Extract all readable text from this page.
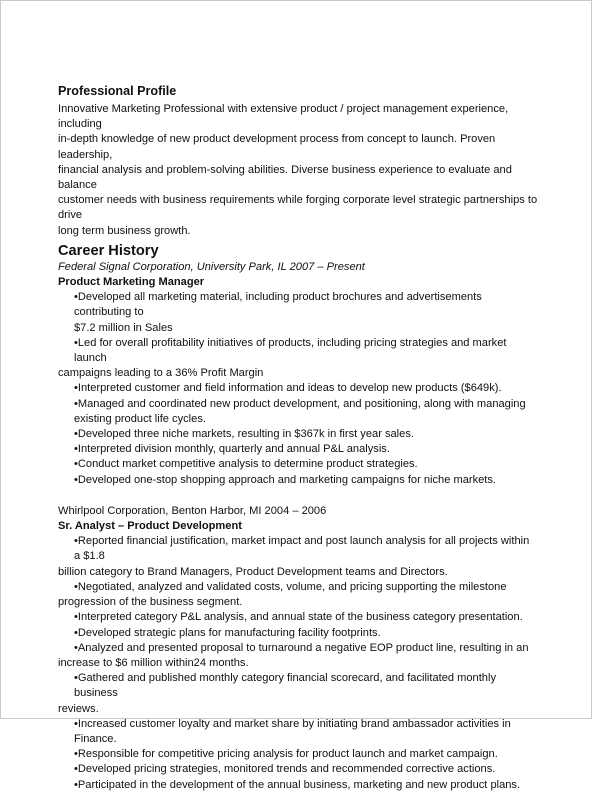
Professional Profile
Innovative Marketing Professional with extensive product / project management experience, including
in-depth knowledge of new product development process from concept to launch. Proven leadership,
financial analysis and problem-solving abilities. Diverse business experience to evaluate and balance
customer needs with business requirements while forging corporate level strategic partnerships to drive
long term business growth.
Career History
Federal Signal Corporation, University Park, IL 2007 – Present
Product Marketing Manager
•Developed all marketing material, including product brochures and advertisements contributing to
$7.2 million in Sales
•Led for overall profitability initiatives of products, including pricing strategies and market launch
campaigns leading to a 36% Profit Margin
•Interpreted customer and field information and ideas to develop new products ($649k).
•Managed and coordinated new product development, and positioning, along with managing
existing product life cycles.
•Developed three niche markets, resulting in $367k in first year sales.
•Interpreted division monthly, quarterly and annual P&L analysis.
•Conduct market competitive analysis to determine product strategies.
•Developed one-stop shopping approach and marketing campaigns for niche markets.
Whirlpool Corporation, Benton Harbor, MI 2004 – 2006
Sr. Analyst – Product Development
•Reported financial justification, market impact and post launch analysis for all projects within a $1.8
billion category to Brand Managers, Product Development teams and Directors.
•Negotiated, analyzed and validated costs, volume, and pricing supporting the milestone
progression of the business segment.
•Interpreted category P&L analysis, and annual state of the business category presentation.
•Developed strategic plans for manufacturing facility footprints.
•Analyzed and presented proposal to turnaround a negative EOP product line, resulting in an
increase to $6 million within24 months.
•Gathered and published monthly category financial scorecard, and facilitated monthly business
reviews.
•Increased customer loyalty and market share by initiating brand ambassador activities in Finance.
•Responsible for competitive pricing analysis for product launch and market campaign.
•Developed pricing strategies, monitored trends and recommended corrective actions.
•Participated in the development of the annual business, marketing and new product plans.
